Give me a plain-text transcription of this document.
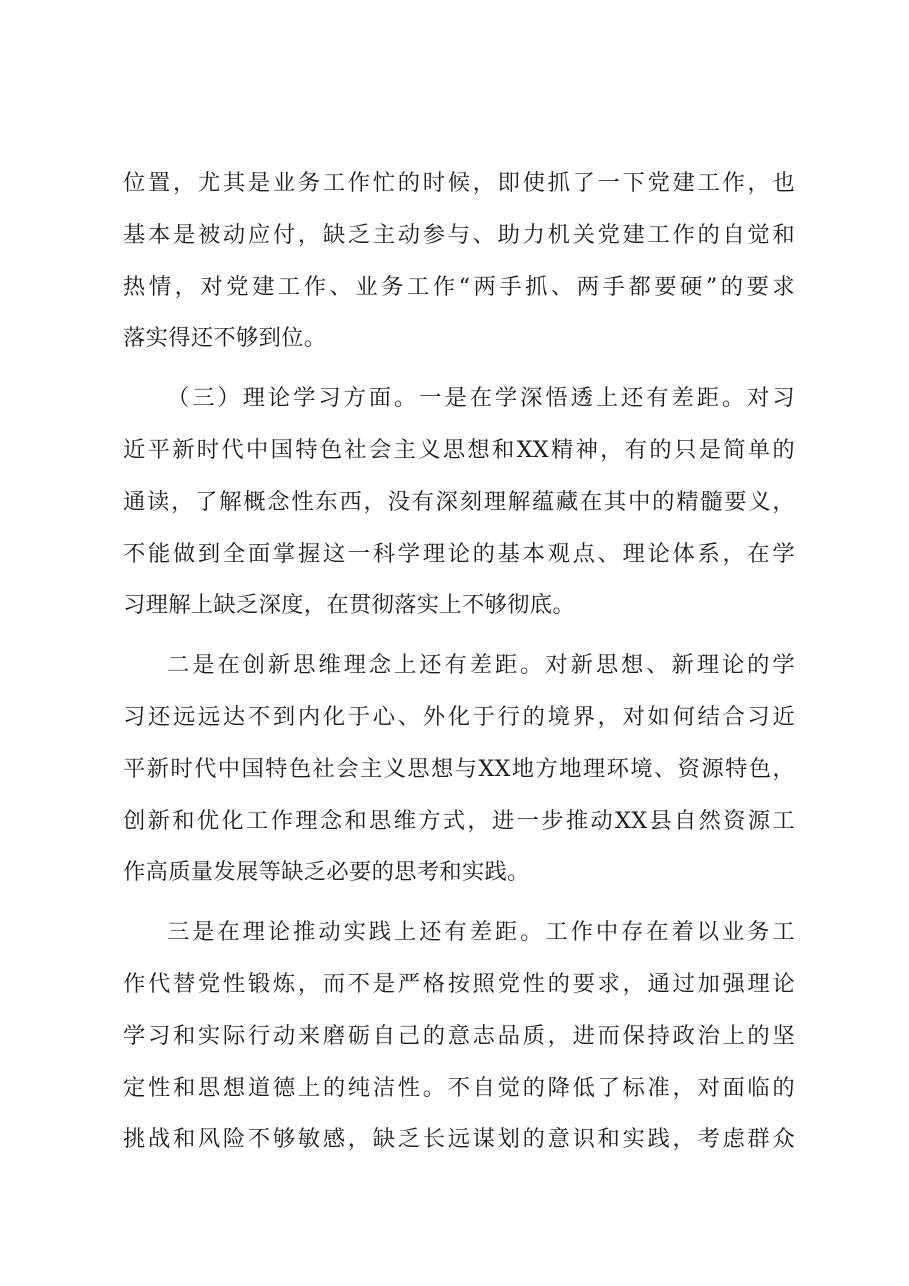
位置，尤其是业务工作忙的时候，即使抓了一下党建工作，也
基本是被动应付，缺乏主动参与、助力机关党建工作的自觉和
热情，对党建工作、业务工作“两手抓、两手都要硬”的要求
落实得还不够到位。
（三）理论学习方面。一是在学深悟透上还有差距。对习
近平新时代中国特色社会主义思想和XX精神，有的只是简单的
通读，了解概念性东西，没有深刻理解蕴藏在其中的精髓要义，
不能做到全面掌握这一科学理论的基本观点、理论体系，在学
习理解上缺乏深度，在贯彻落实上不够彻底。
二是在创新思维理念上还有差距。对新思想、新理论的学
习还远远达不到内化于心、外化于行的境界，对如何结合习近
平新时代中国特色社会主义思想与XX地方地理环境、资源特色，
创新和优化工作理念和思维方式，进一步推动XX县自然资源工
作高质量发展等缺乏必要的思考和实践。
三是在理论推动实践上还有差距。工作中存在着以业务工
作代替党性锻炼，而不是严格按照党性的要求，通过加强理论
学习和实际行动来磨砺自己的意志品质，进而保持政治上的坚
定性和思想道德上的纯洁性。不自觉的降低了标准，对面临的
挑战和风险不够敏感，缺乏长远谋划的意识和实践，考虑群众
